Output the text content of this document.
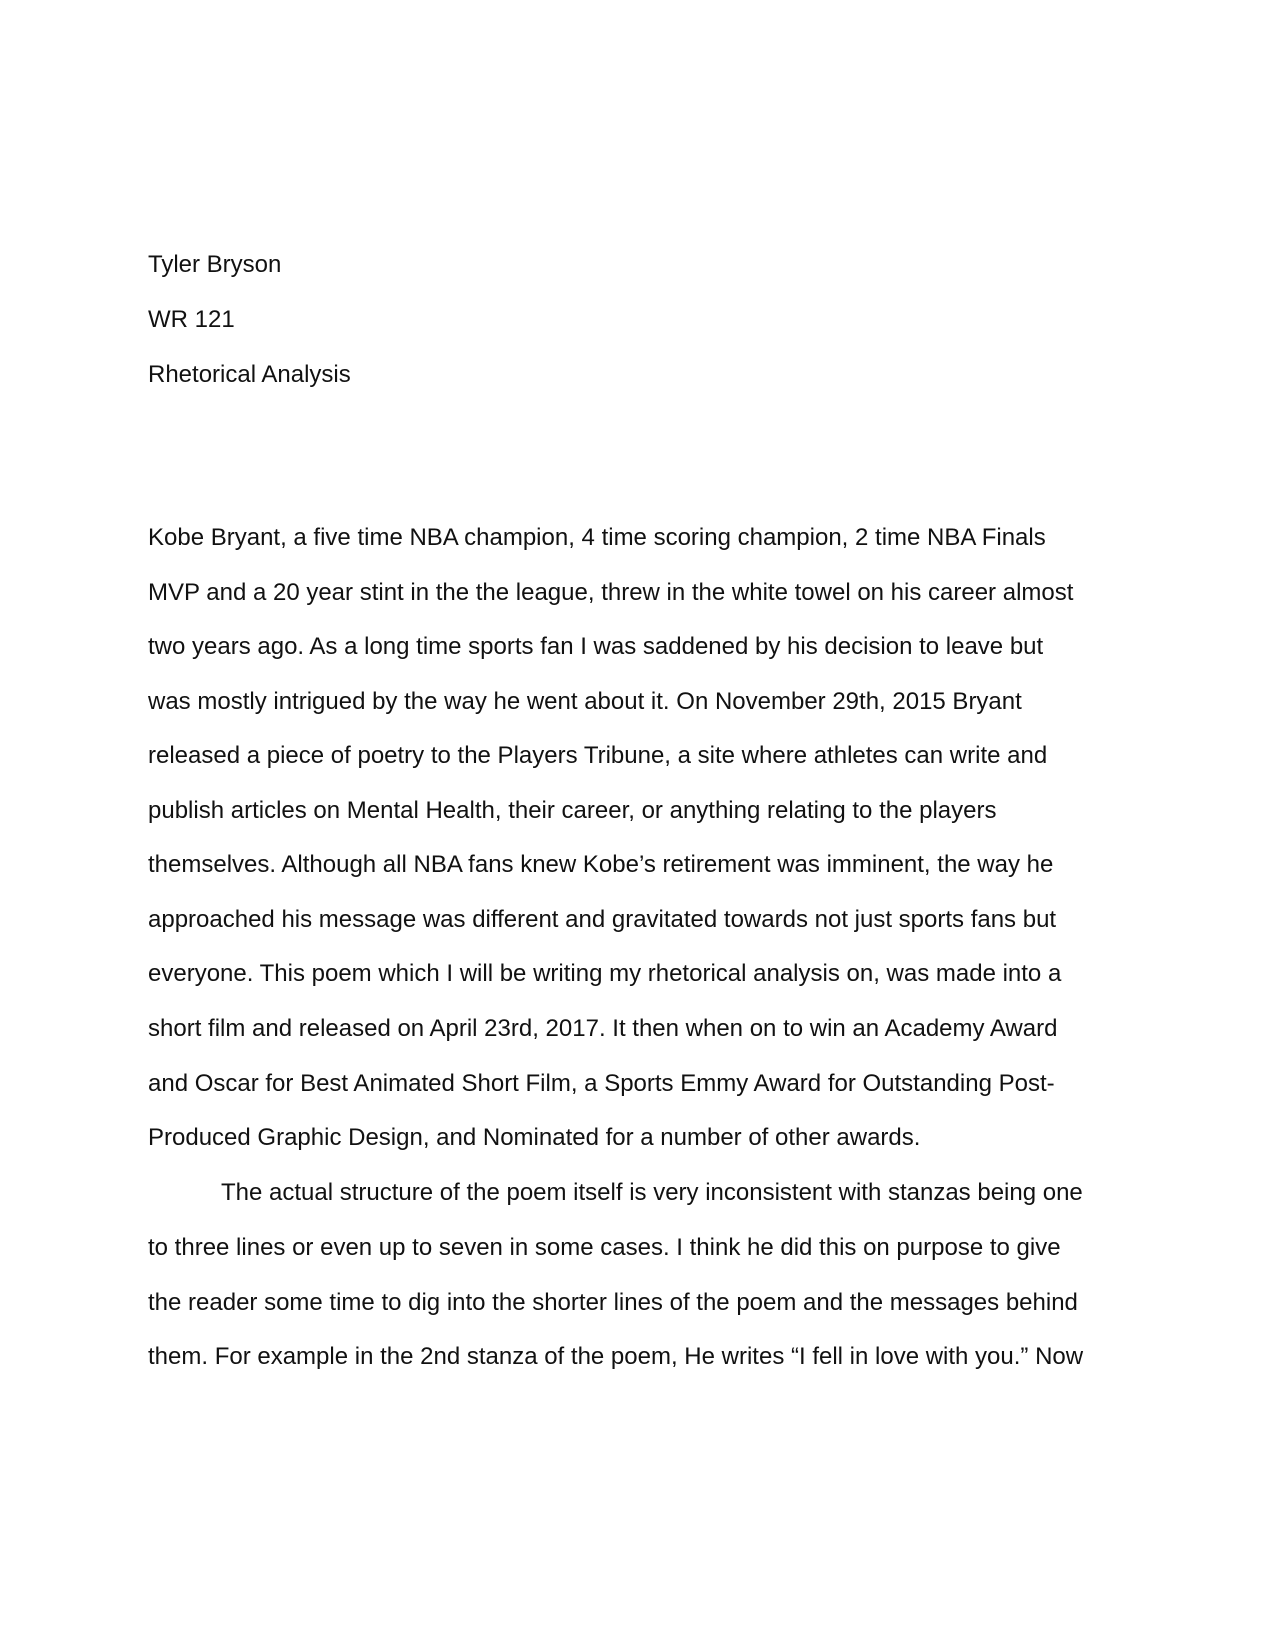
Tyler Bryson

WR 121

Rhetorical Analysis

Kobe Bryant, a five time NBA champion, 4 time scoring champion, 2 time NBA Finals

MVP and a 20 year stint in the the league, threw in the white towel on his career almost

two years ago. As a long time sports fan I was saddened by his decision to leave but

was mostly intrigued by the way he went about it. On November 29th, 2015 Bryant

released a piece of poetry to the Players Tribune, a site where athletes can write and

publish articles on Mental Health, their career, or anything relating to the players

themselves. Although all NBA fans knew Kobe’s retirement was imminent, the way he

approached his message was different and gravitated towards not just sports fans but

everyone. This poem which I will be writing my rhetorical analysis on, was made into a

short film and released on April 23rd, 2017. It then when on to win an Academy Award

and Oscar for Best Animated Short Film, a Sports Emmy Award for Outstanding Post-

Produced Graphic Design, and Nominated for a number of other awards.

The actual structure of the poem itself is very inconsistent with stanzas being one

to three lines or even up to seven in some cases. I think he did this on purpose to give

the reader some time to dig into the shorter lines of the poem and the messages behind

them. For example in the 2nd stanza of the poem, He writes “I fell in love with you.” Now
